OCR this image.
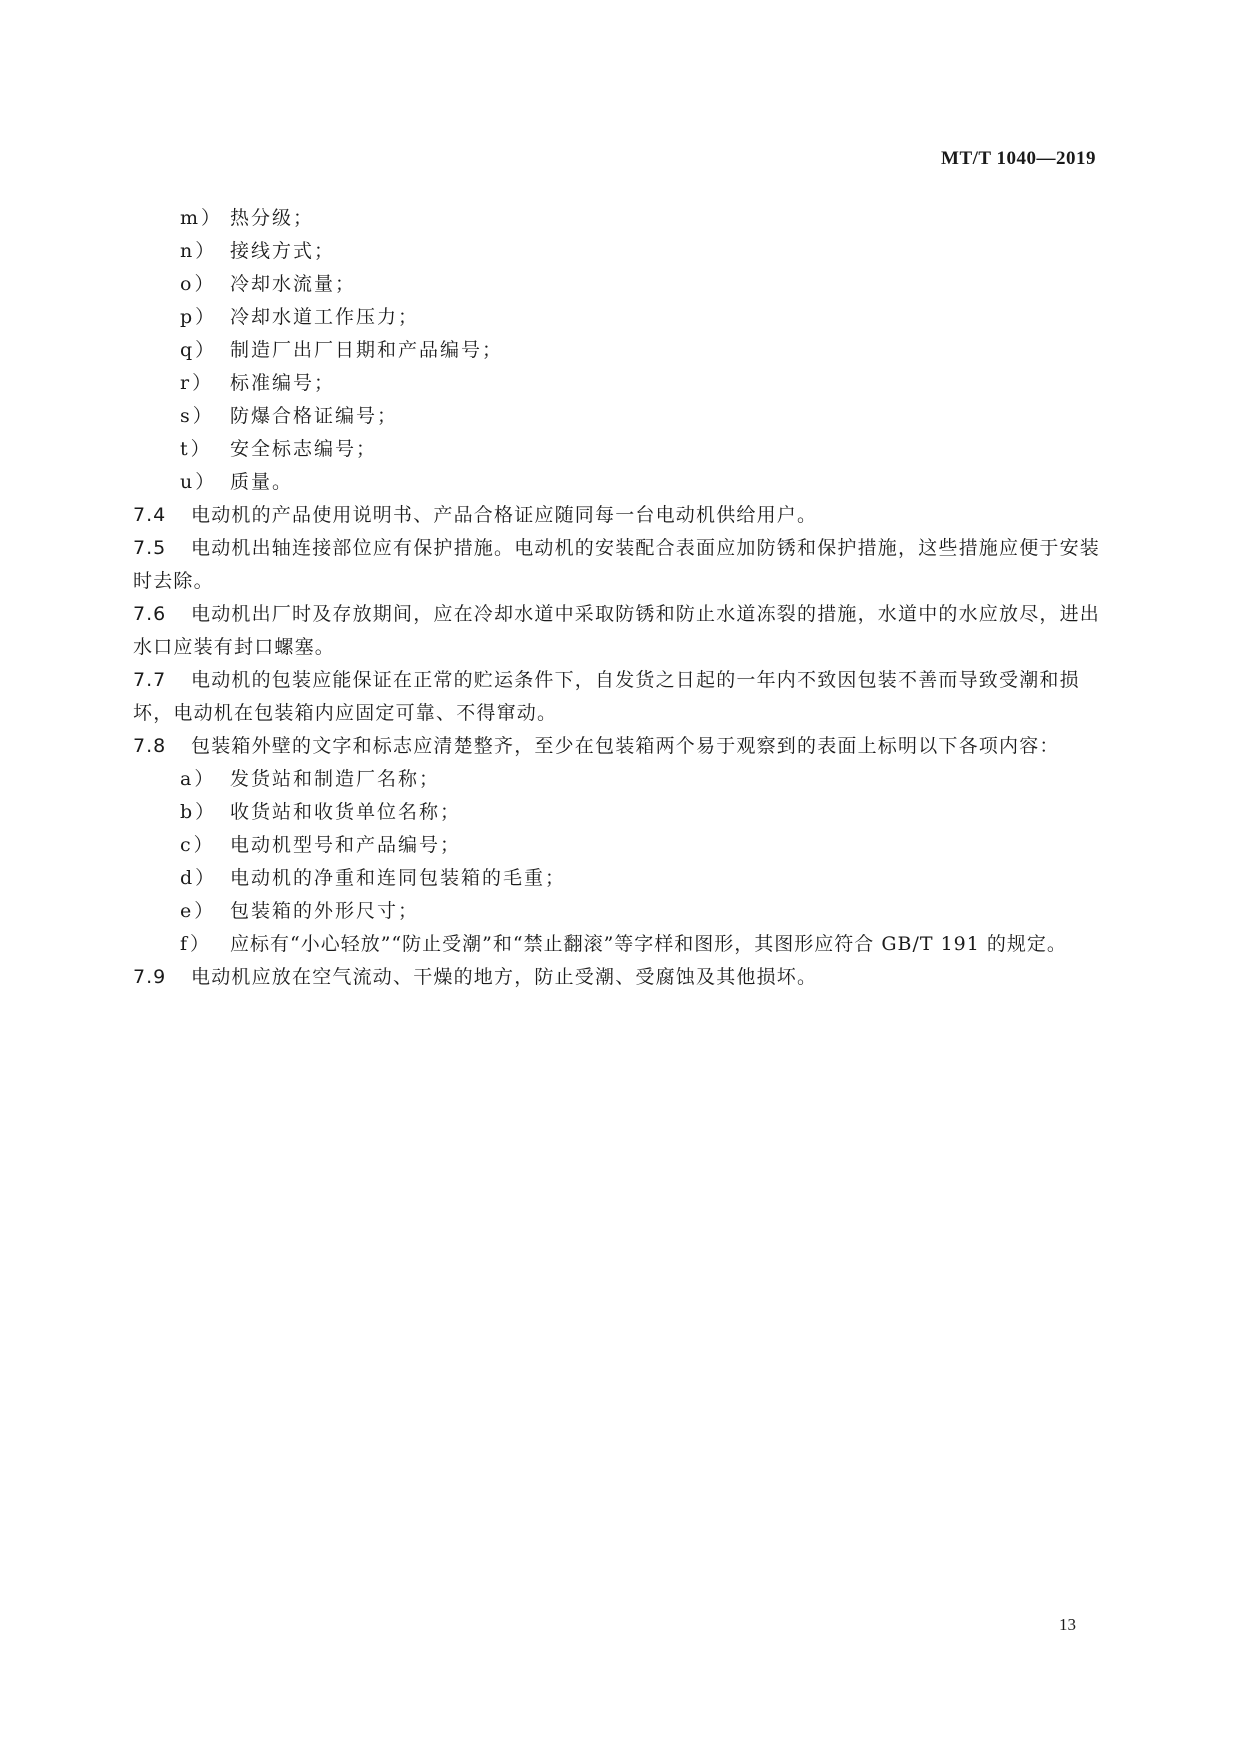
MT/T 1040—2019
m） 热分级；
n） 接线方式；
o） 冷却水流量；
p） 冷却水道工作压力；
q） 制造厂出厂日期和产品编号；
r） 标准编号；
s） 防爆合格证编号；
t） 安全标志编号；
u） 质量。
7.4 电动机的产品使用说明书、产品合格证应随同每一台电动机供给用户。
7.5 电动机出轴连接部位应有保护措施。电动机的安装配合表面应加防锈和保护措施，这些措施应便于安装时去除。
7.6 电动机出厂时及存放期间，应在冷却水道中采取防锈和防止水道冻裂的措施，水道中的水应放尽，进出水口应装有封口螺塞。
7.7 电动机的包装应能保证在正常的贮运条件下，自发货之日起的一年内不致因包装不善而导致受潮和损坏，电动机在包装箱内应固定可靠、不得窜动。
7.8 包装箱外壁的文字和标志应清楚整齐，至少在包装箱两个易于观察到的表面上标明以下各项内容：
a） 发货站和制造厂名称；
b） 收货站和收货单位名称；
c） 电动机型号和产品编号；
d） 电动机的净重和连同包装箱的毛重；
e） 包装箱的外形尺寸；
f） 应标有“小心轻放”“防止受潮”和“禁止翻滚”等字样和图形，其图形应符合 GB/T 191 的规定。
7.9 电动机应放在空气流动、干燥的地方，防止受潮、受腐蚀及其他损坏。
13
